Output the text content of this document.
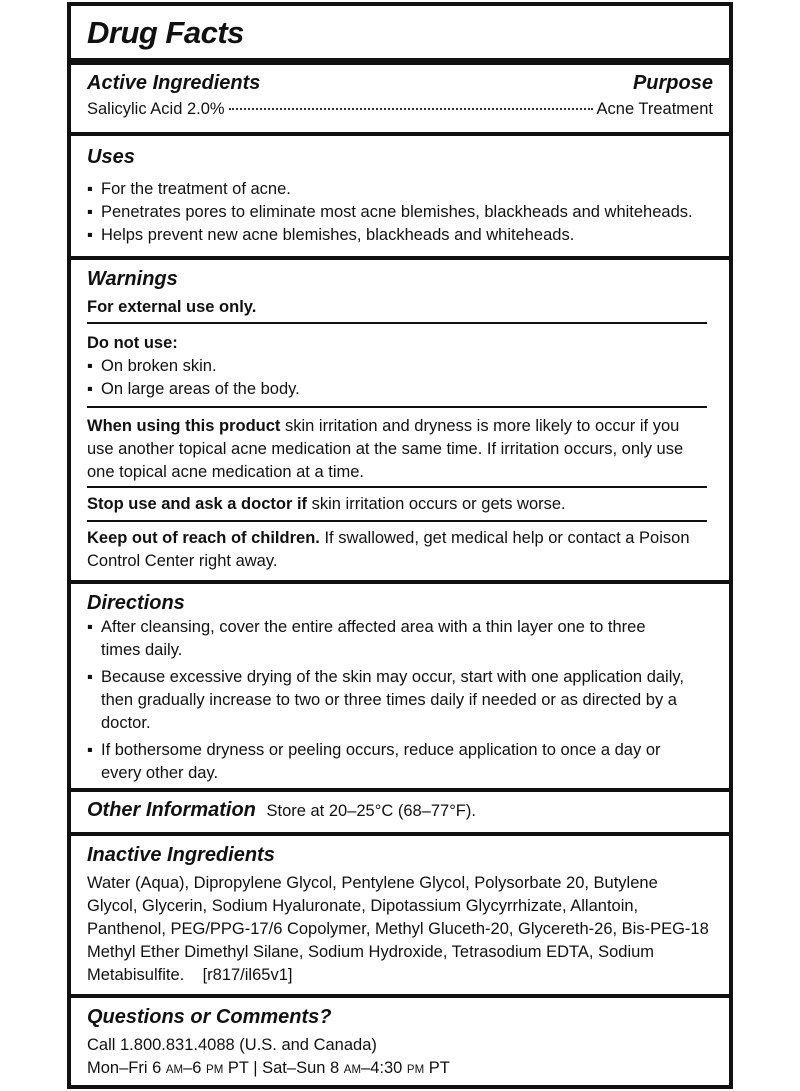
Drug Facts
Active Ingredients	Purpose
Salicylic Acid 2.0%	Acne Treatment
Uses
▪ For the treatment of acne.
▪ Penetrates pores to eliminate most acne blemishes, blackheads and whiteheads.
▪ Helps prevent new acne blemishes, blackheads and whiteheads.
Warnings
For external use only.
Do not use:
▪ On broken skin.
▪ On large areas of the body.
When using this product skin irritation and dryness is more likely to occur if you use another topical acne medication at the same time. If irritation occurs, only use one topical acne medication at a time.
Stop use and ask a doctor if skin irritation occurs or gets worse.
Keep out of reach of children. If swallowed, get medical help or contact a Poison Control Center right away.
Directions
▪ After cleansing, cover the entire affected area with a thin layer one to three times daily.
▪ Because excessive drying of the skin may occur, start with one application daily, then gradually increase to two or three times daily if needed or as directed by a doctor.
▪ If bothersome dryness or peeling occurs, reduce application to once a day or every other day.
Other Information Store at 20–25°C (68–77°F).
Inactive Ingredients
Water (Aqua), Dipropylene Glycol, Pentylene Glycol, Polysorbate 20, Butylene Glycol, Glycerin, Sodium Hyaluronate, Dipotassium Glycyrrhizate, Allantoin, Panthenol, PEG/PPG-17/6 Copolymer, Methyl Gluceth-20, Glycereth-26, Bis-PEG-18 Methyl Ether Dimethyl Silane, Sodium Hydroxide, Tetrasodium EDTA, Sodium Metabisulfite. [r817/il65v1]
Questions or Comments?
Call 1.800.831.4088 (U.S. and Canada)
Mon–Fri 6 AM–6 PM PT | Sat–Sun 8 AM–4:30 PM PT
